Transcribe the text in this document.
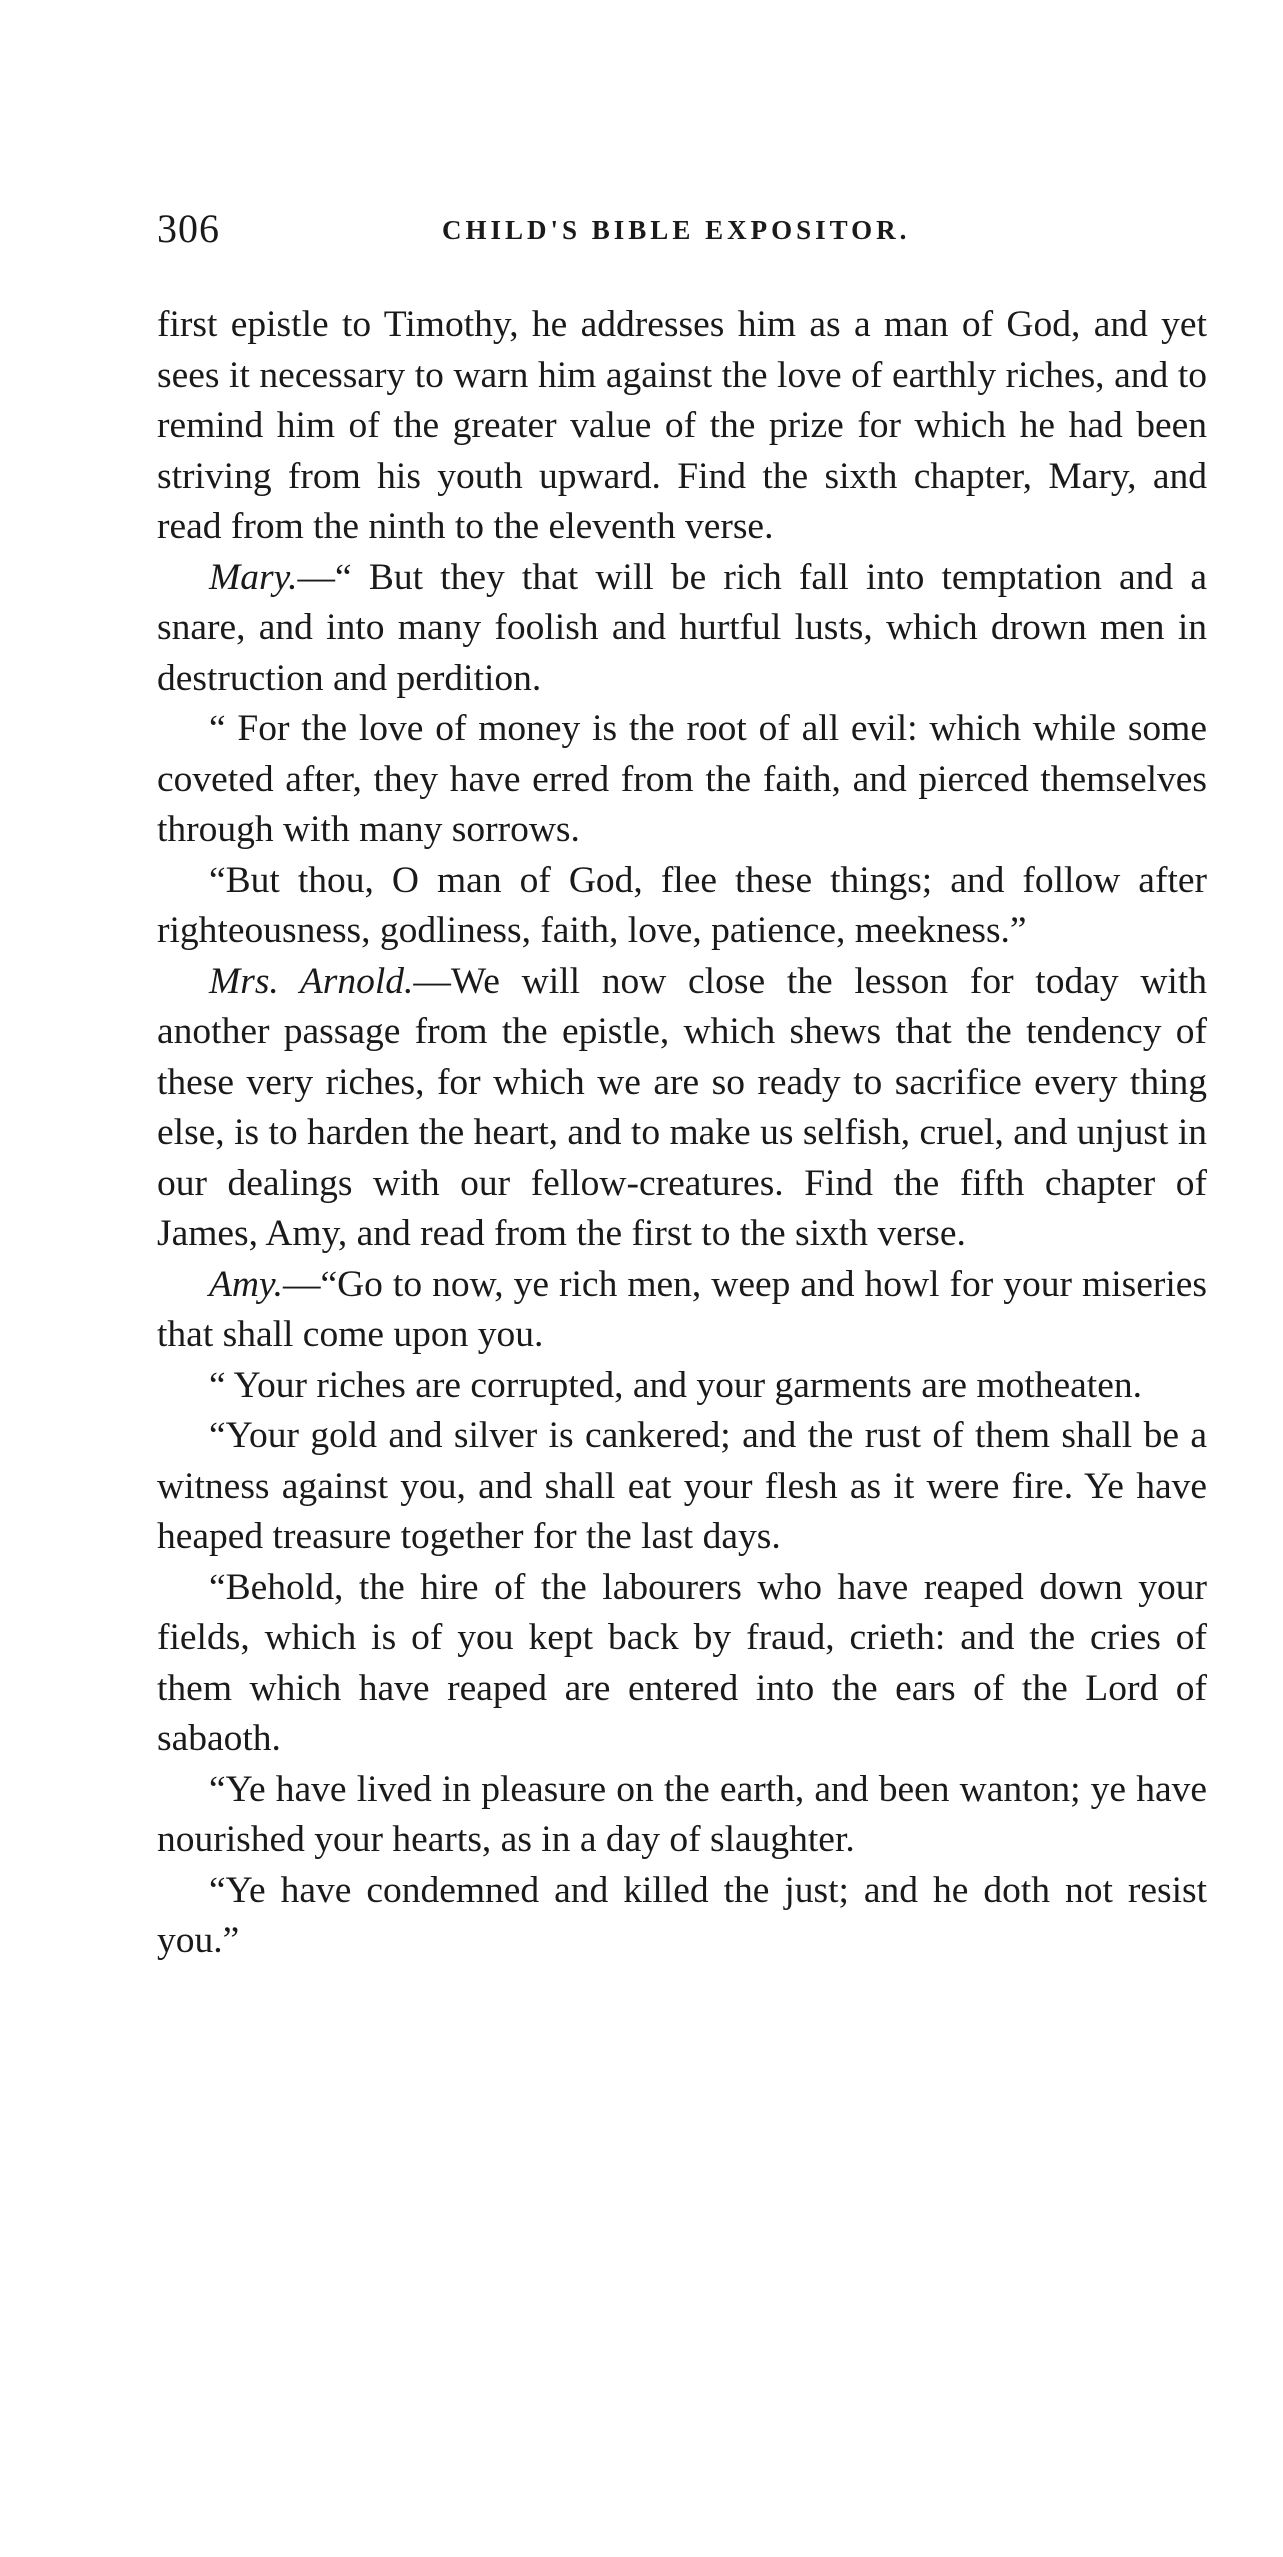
306	CHILD'S BIBLE EXPOSITOR.

first epistle to Timothy, he addresses him as a man of God, and yet sees it necessary to warn him against the love of earthly riches, and to remind him of the greater value of the prize for which he had been striving from his youth upward. Find the sixth chapter, Mary, and read from the ninth to the eleventh verse.

Mary.—“ But they that will be rich fall into temptation and a snare, and into many foolish and hurtful lusts, which drown men in destruction and perdition.

“ For the love of money is the root of all evil: which while some coveted after, they have erred from the faith, and pierced themselves through with many sorrows.

“But thou, O man of God, flee these things; and follow after righteousness, godliness, faith, love, patience, meekness.”

Mrs. Arnold.—We will now close the lesson for today with another passage from the epistle, which shews that the tendency of these very riches, for which we are so ready to sacrifice every thing else, is to harden the heart, and to make us selfish, cruel, and unjust in our dealings with our fellow-creatures. Find the fifth chapter of James, Amy, and read from the first to the sixth verse.

Amy.—“Go to now, ye rich men, weep and howl for your miseries that shall come upon you.

“ Your riches are corrupted, and your garments are motheaten.

“Your gold and silver is cankered; and the rust of them shall be a witness against you, and shall eat your flesh as it were fire. Ye have heaped treasure together for the last days.

“Behold, the hire of the labourers who have reaped down your fields, which is of you kept back by fraud, crieth: and the cries of them which have reaped are entered into the ears of the Lord of sabaoth.

“Ye have lived in pleasure on the earth, and been wanton; ye have nourished your hearts, as in a day of slaughter.

“Ye have condemned and killed the just; and he doth not resist you.”
